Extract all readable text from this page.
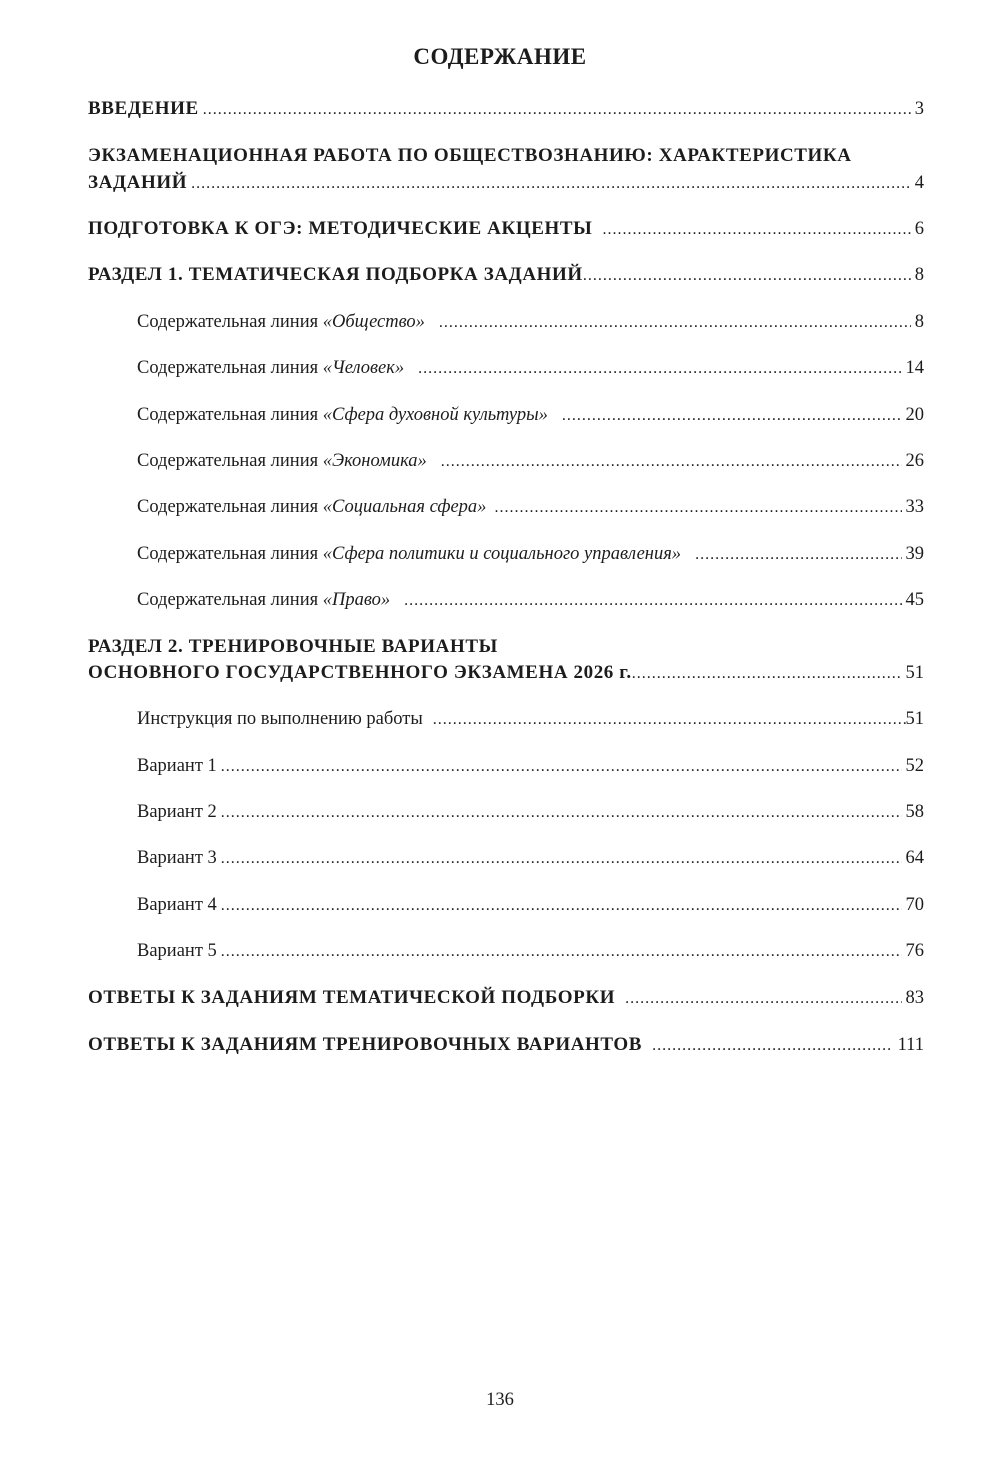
СОДЕРЖАНИЕ
ВВЕДЕНИЕ .....	3
ЭКЗАМЕНАЦИОННАЯ РАБОТА ПО ОБЩЕСТВОЗНАНИЮ: ХАРАКТЕРИСТИКА
ЗАДАНИЙ .....	4
ПОДГОТОВКА К ОГЭ: МЕТОДИЧЕСКИЕ АКЦЕНТЫ .....	6
РАЗДЕЛ 1. ТЕМАТИЧЕСКАЯ ПОДБОРКА ЗАДАНИЙ .....	8
Содержательная линия «Общество» .....	8
Содержательная линия «Человек» .....	14
Содержательная линия «Сфера духовной культуры» .....	20
Содержательная линия «Экономика» .....	26
Содержательная линия «Социальная сфера» .....	33
Содержательная линия «Сфера политики и социального управления» .....	39
Содержательная линия «Право» .....	45
РАЗДЕЛ 2. ТРЕНИРОВОЧНЫЕ ВАРИАНТЫ
ОСНОВНОГО ГОСУДАРСТВЕННОГО ЭКЗАМЕНА 2026 г. .....	51
Инструкция по выполнению работы .....	51
Вариант 1 .....	52
Вариант 2 .....	58
Вариант 3 .....	64
Вариант 4 .....	70
Вариант 5 .....	76
ОТВЕТЫ К ЗАДАНИЯМ ТЕМАТИЧЕСКОЙ ПОДБОРКИ .....	83
ОТВЕТЫ К ЗАДАНИЯМ ТРЕНИРОВОЧНЫХ ВАРИАНТОВ .....	111
136
